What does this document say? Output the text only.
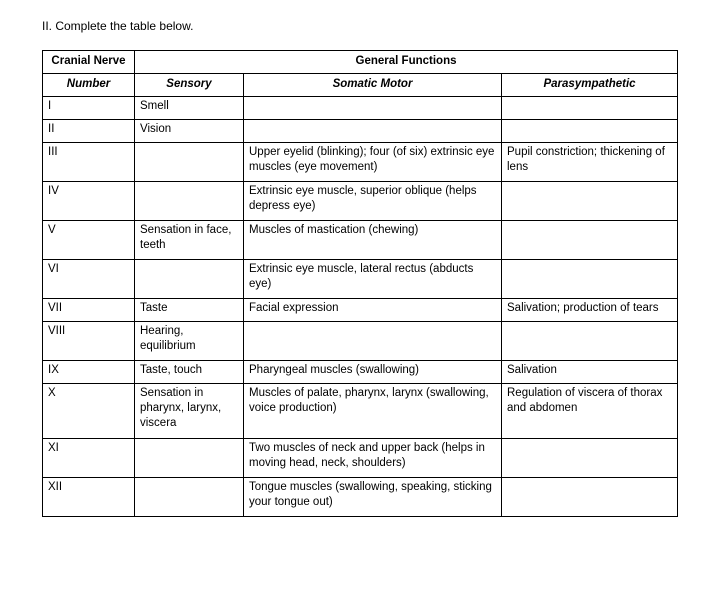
II. Complete the table below.

Cranial Nerve	General Functions		
Number	Sensory	Somatic Motor	Parasympathetic
I	Smell		
II	Vision		
III		Upper eyelid (blinking); four (of six) extrinsic eye muscles (eye movement)	Pupil constriction; thickening of lens
IV		Extrinsic eye muscle, superior oblique (helps depress eye)	
V	Sensation in face, teeth	Muscles of mastication (chewing)	
VI		Extrinsic eye muscle, lateral rectus (abducts eye)	
VII	Taste	Facial expression	Salivation; production of tears
VIII	Hearing, equilibrium		
IX	Taste, touch	Pharyngeal muscles (swallowing)	Salivation
X	Sensation in pharynx, larynx, viscera	Muscles of palate, pharynx, larynx (swallowing, voice production)	Regulation of viscera of thorax and abdomen
XI		Two muscles of neck and upper back (helps in moving head, neck, shoulders)	
XII		Tongue muscles (swallowing, speaking, sticking your tongue out)	
